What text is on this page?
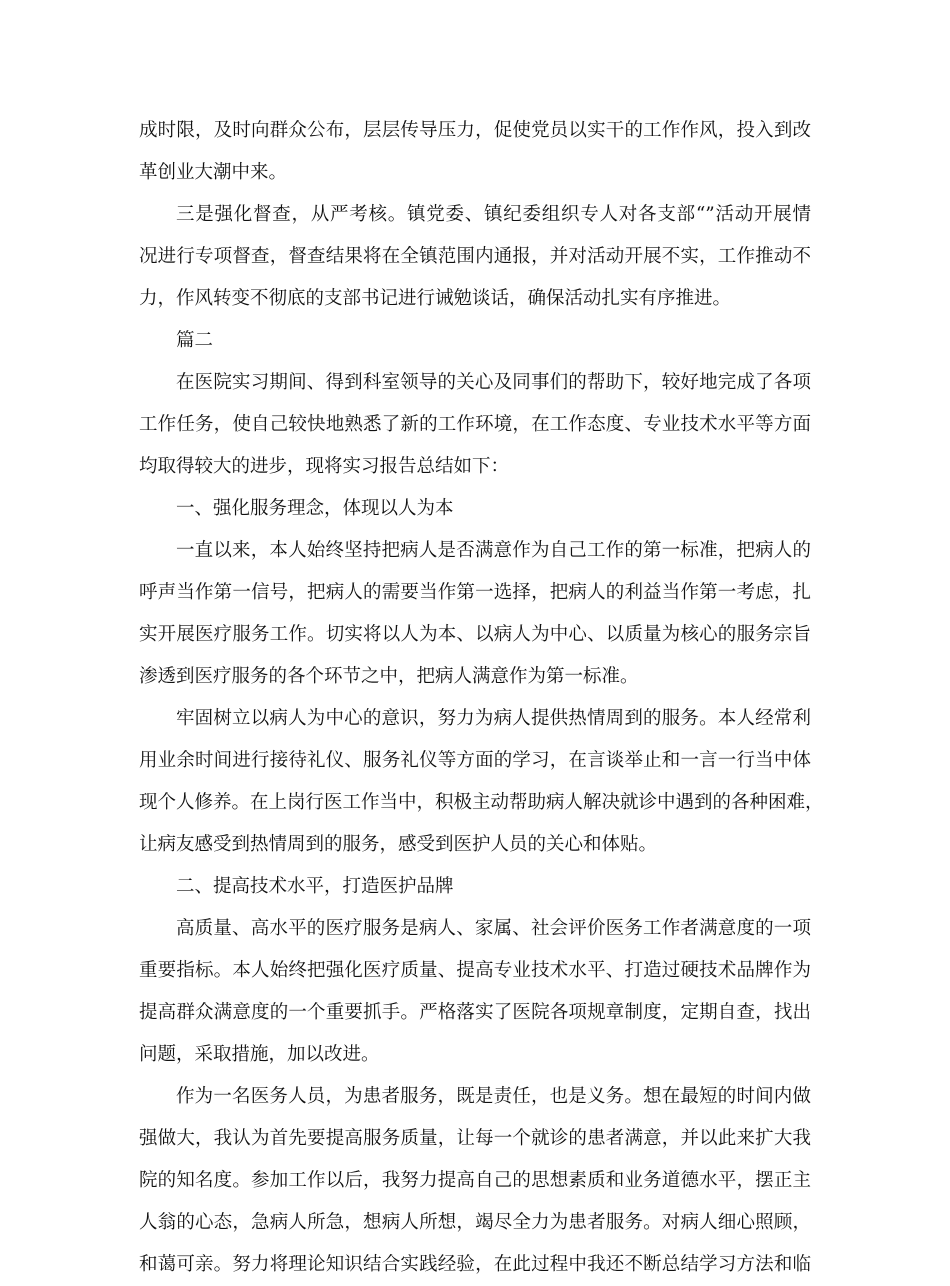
成时限，及时向群众公布，层层传导压力，促使党员以实干的工作作风，投入到改
革创业大潮中来。
三是强化督查，从严考核。镇党委、镇纪委组织专人对各支部“”活动开展情
况进行专项督查，督查结果将在全镇范围内通报，并对活动开展不实，工作推动不
力，作风转变不彻底的支部书记进行诫勉谈话，确保活动扎实有序推进。
篇二
在医院实习期间、得到科室领导的关心及同事们的帮助下，较好地完成了各项
工作任务，使自己较快地熟悉了新的工作环境，在工作态度、专业技术水平等方面
均取得较大的进步，现将实习报告总结如下：
一、强化服务理念，体现以人为本
一直以来，本人始终坚持把病人是否满意作为自己工作的第一标准，把病人的
呼声当作第一信号，把病人的需要当作第一选择，把病人的利益当作第一考虑，扎
实开展医疗服务工作。切实将以人为本、以病人为中心、以质量为核心的服务宗旨
渗透到医疗服务的各个环节之中，把病人满意作为第一标准。
牢固树立以病人为中心的意识，努力为病人提供热情周到的服务。本人经常利
用业余时间进行接待礼仪、服务礼仪等方面的学习，在言谈举止和一言一行当中体
现个人修养。在上岗行医工作当中，积极主动帮助病人解决就诊中遇到的各种困难，
让病友感受到热情周到的服务，感受到医护人员的关心和体贴。
二、提高技术水平，打造医护品牌
高质量、高水平的医疗服务是病人、家属、社会评价医务工作者满意度的一项
重要指标。本人始终把强化医疗质量、提高专业技术水平、打造过硬技术品牌作为
提高群众满意度的一个重要抓手。严格落实了医院各项规章制度，定期自查，找出
问题，采取措施，加以改进。
作为一名医务人员，为患者服务，既是责任，也是义务。想在最短的时间内做
强做大，我认为首先要提高服务质量，让每一个就诊的患者满意，并以此来扩大我
院的知名度。参加工作以后，我努力提高自己的思想素质和业务道德水平，摆正主
人翁的心态，急病人所急，想病人所想，竭尽全力为患者服务。对病人细心照顾，
和蔼可亲。努力将理论知识结合实践经验，在此过程中我还不断总结学习方法和临
